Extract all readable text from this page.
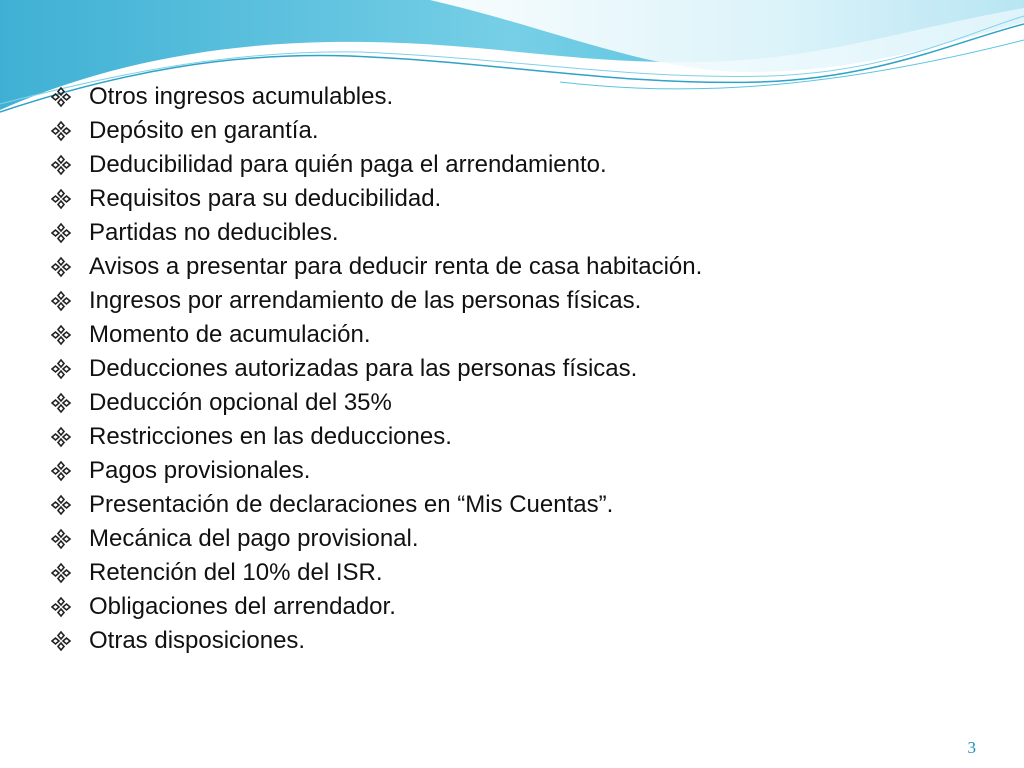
Otros ingresos acumulables.
Depósito en garantía.
Deducibilidad para quién paga el arrendamiento.
Requisitos para su deducibilidad.
Partidas no deducibles.
Avisos a presentar para deducir renta de casa habitación.
Ingresos por arrendamiento de las personas físicas.
Momento de acumulación.
Deducciones autorizadas para las personas físicas.
Deducción opcional del 35%
Restricciones en las deducciones.
Pagos provisionales.
Presentación de declaraciones en “Mis Cuentas”.
Mecánica del pago provisional.
Retención del 10% del ISR.
Obligaciones del arrendador.
Otras disposiciones.
3
